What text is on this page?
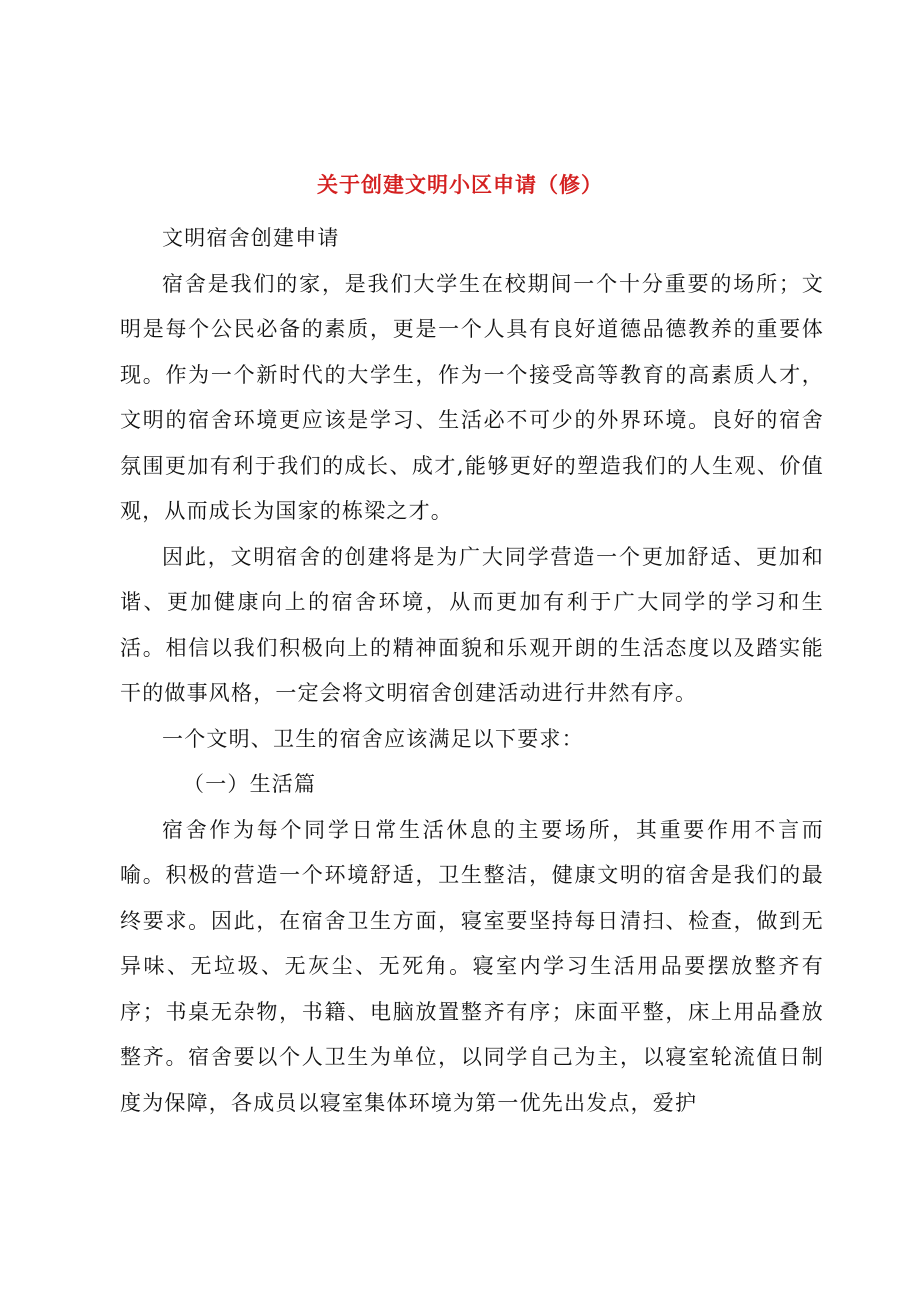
关于创建文明小区申请（修）

文明宿舍创建申请

宿舍是我们的家，是我们大学生在校期间一个十分重要的场所；文明是每个公民必备的素质，更是一个人具有良好道德品德教养的重要体现。作为一个新时代的大学生，作为一个接受高等教育的高素质人才，文明的宿舍环境更应该是学习、生活必不可少的外界环境。良好的宿舍氛围更加有利于我们的成长、成才,能够更好的塑造我们的人生观、价值观，从而成长为国家的栋梁之才。

因此，文明宿舍的创建将是为广大同学营造一个更加舒适、更加和谐、更加健康向上的宿舍环境，从而更加有利于广大同学的学习和生活。相信以我们积极向上的精神面貌和乐观开朗的生活态度以及踏实能干的做事风格，一定会将文明宿舍创建活动进行井然有序。

一个文明、卫生的宿舍应该满足以下要求：

（一）生活篇

宿舍作为每个同学日常生活休息的主要场所，其重要作用不言而喻。积极的营造一个环境舒适，卫生整洁，健康文明的宿舍是我们的最终要求。因此，在宿舍卫生方面，寝室要坚持每日清扫、检查，做到无异味、无垃圾、无灰尘、无死角。寝室内学习生活用品要摆放整齐有序；书桌无杂物，书籍、电脑放置整齐有序；床面平整，床上用品叠放整齐。宿舍要以个人卫生为单位，以同学自己为主，以寝室轮流值日制度为保障，各成员以寝室集体环境为第一优先出发点，爱护
